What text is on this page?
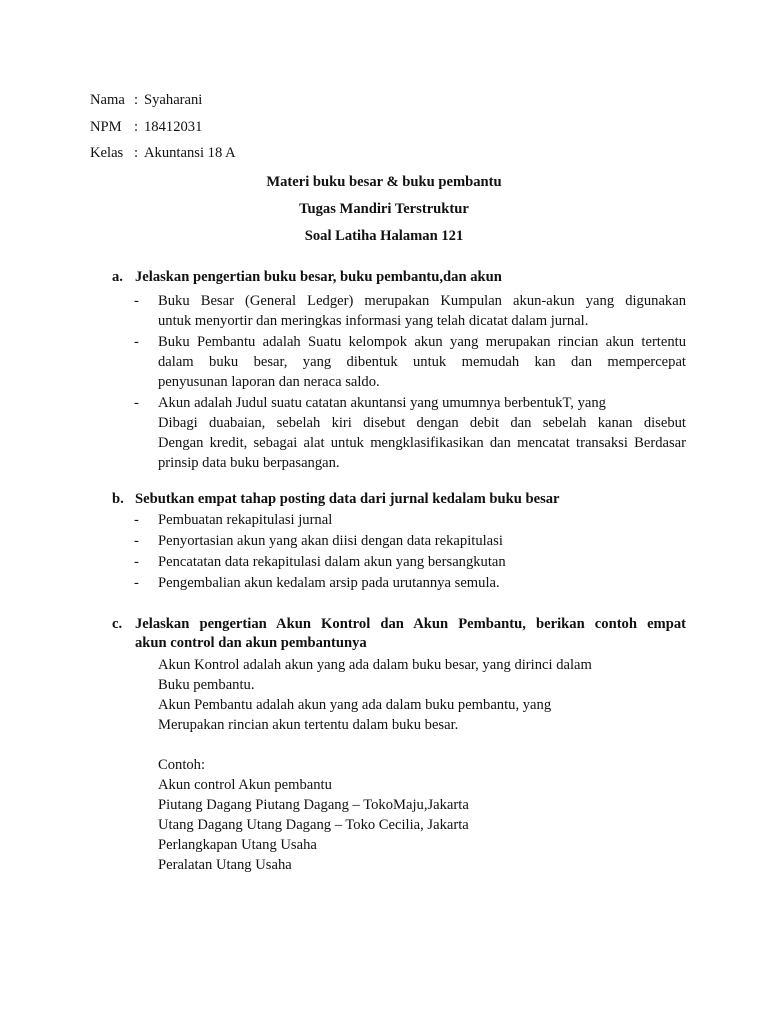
Nama : Syaharani
NPM : 18412031
Kelas : Akuntansi 18 A
Materi buku besar & buku pembantu
Tugas Mandiri Terstruktur
Soal Latiha Halaman 121
a. Jelaskan pengertian buku besar, buku pembantu,dan akun
- Buku Besar (General Ledger) merupakan Kumpulan akun-akun yang digunakan
untuk menyortir dan meringkas informasi yang telah dicatat dalam jurnal.
- Buku Pembantu adalah Suatu kelompok akun yang merupakan rincian akun tertentu
dalam buku besar, yang dibentuk untuk memudah kan dan mempercepat
penyusunan laporan dan neraca saldo.
- Akun adalah Judul suatu catatan akuntansi yang umumnya berbentukT, yang
Dibagi duabaian, sebelah kiri disebut dengan debit dan sebelah kanan disebut
Dengan kredit, sebagai alat untuk mengklasifikasikan dan mencatat transaksi Berdasar
prinsip data buku berpasangan.
b. Sebutkan empat tahap posting data dari jurnal kedalam buku besar
- Pembuatan rekapitulasi jurnal
- Penyortasian akun yang akan diisi dengan data rekapitulasi
- Pencatatan data rekapitulasi dalam akun yang bersangkutan
- Pengembalian akun kedalam arsip pada urutannya semula.
c. Jelaskan pengertian Akun Kontrol dan Akun Pembantu, berikan contoh empat
akun control dan akun pembantunya
Akun Kontrol adalah akun yang ada dalam buku besar, yang dirinci dalam
Buku pembantu.
Akun Pembantu adalah akun yang ada dalam buku pembantu, yang
Merupakan rincian akun tertentu dalam buku besar.
Contoh:
Akun control Akun pembantu
Piutang Dagang Piutang Dagang – TokoMaju,Jakarta
Utang Dagang Utang Dagang – Toko Cecilia, Jakarta
Perlangkapan Utang Usaha
Peralatan Utang Usaha
